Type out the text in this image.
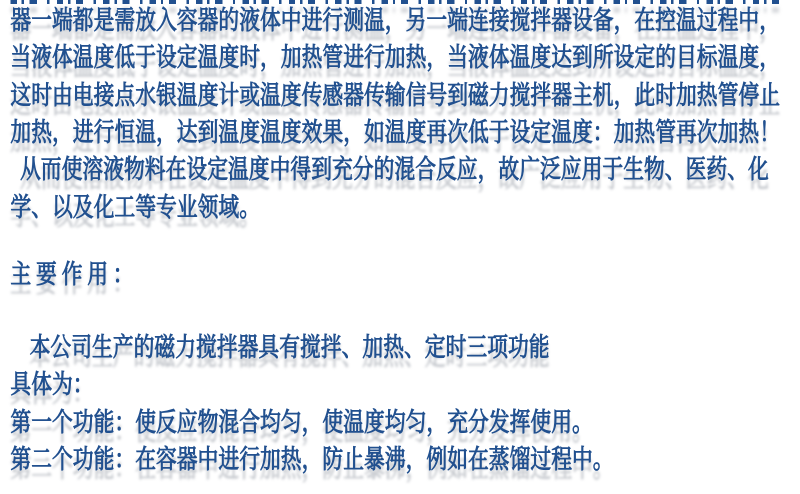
器一端都是需放入容器的液体中进行测温，另一端连接搅拌器设备，在控温过程中，
当液体温度低于设定温度时，加热管进行加热，当液体温度达到所设定的目标温度，
这时由电接点水银温度计或温度传感器传输信号到磁力搅拌器主机，此时加热管停止
加热，进行恒温，达到温度温度效果，如温度再次低于设定温度：加热管再次加热！
从而使溶液物料在设定温度中得到充分的混合反应，故广泛应用于生物、医药、化
学、以及化工等专业领域。
主要作用：
本公司生产的磁力搅拌器具有搅拌、加热、定时三项功能
具体为：
第一个功能：使反应物混合均匀，使温度均匀，充分发挥使用。
第二个功能：在容器中进行加热，防止暴沸，例如在蒸馏过程中。
